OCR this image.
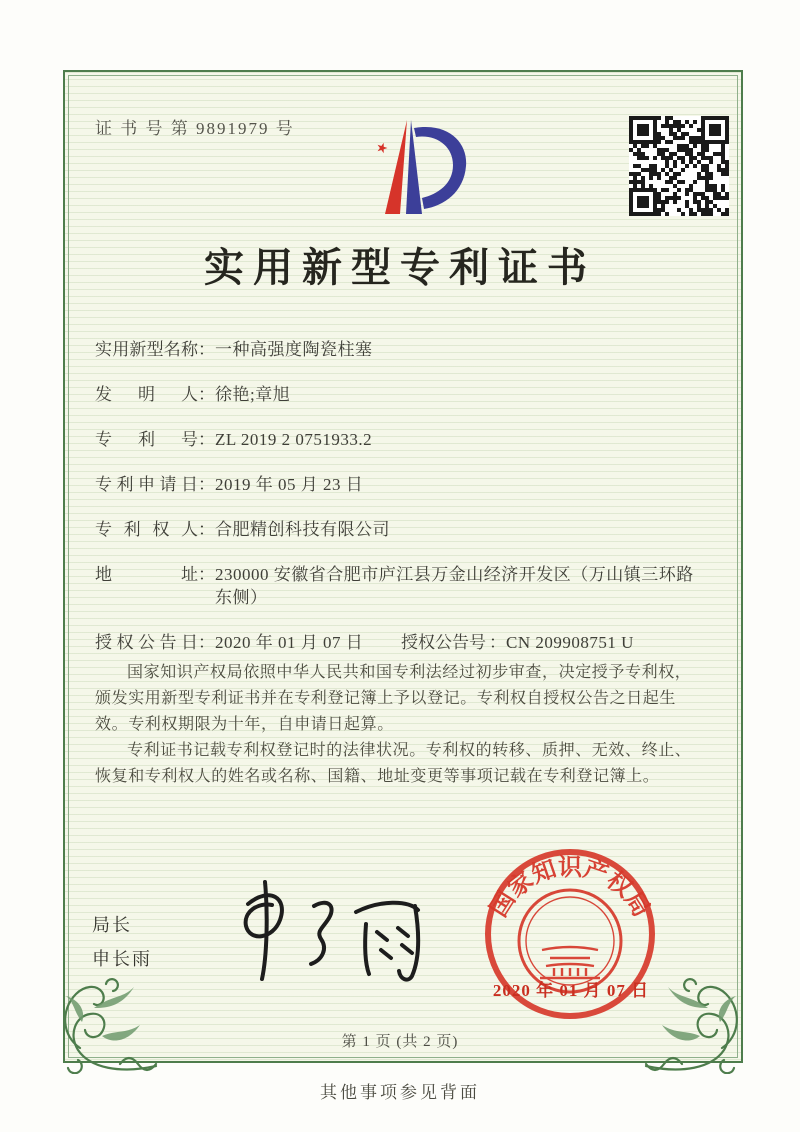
证 书 号 第 9891979 号
实用新型专利证书
实用新型名称 ： 一种高强度陶瓷柱塞
发明人 ： 徐艳;章旭
专利号 ： ZL 2019 2 0751933.2
专利申请日 ： 2019 年 05 月 23 日
专利权人 ： 合肥精创科技有限公司
地址 ： 230000 安徽省合肥市庐江县万金山经济开发区（万山镇三环路东侧）
授权公告日 ： 2020 年 01 月 07 日	授权公告号 ： CN 209908751 U

国家知识产权局依照中华人民共和国专利法经过初步审查，决定授予专利权，颁发实用新型专利证书并在专利登记簿上予以登记。专利权自授权公告之日起生效。专利权期限为十年，自申请日起算。

专利证书记载专利权登记时的法律状况。专利权的转移、质押、无效、终止、恢复和专利权人的姓名或名称、国籍、地址变更等事项记载在专利登记簿上。

局长
申长雨
国家知识产权局
2020 年 01 月 07 日
第 1 页 (共 2 页)
其他事项参见背面
